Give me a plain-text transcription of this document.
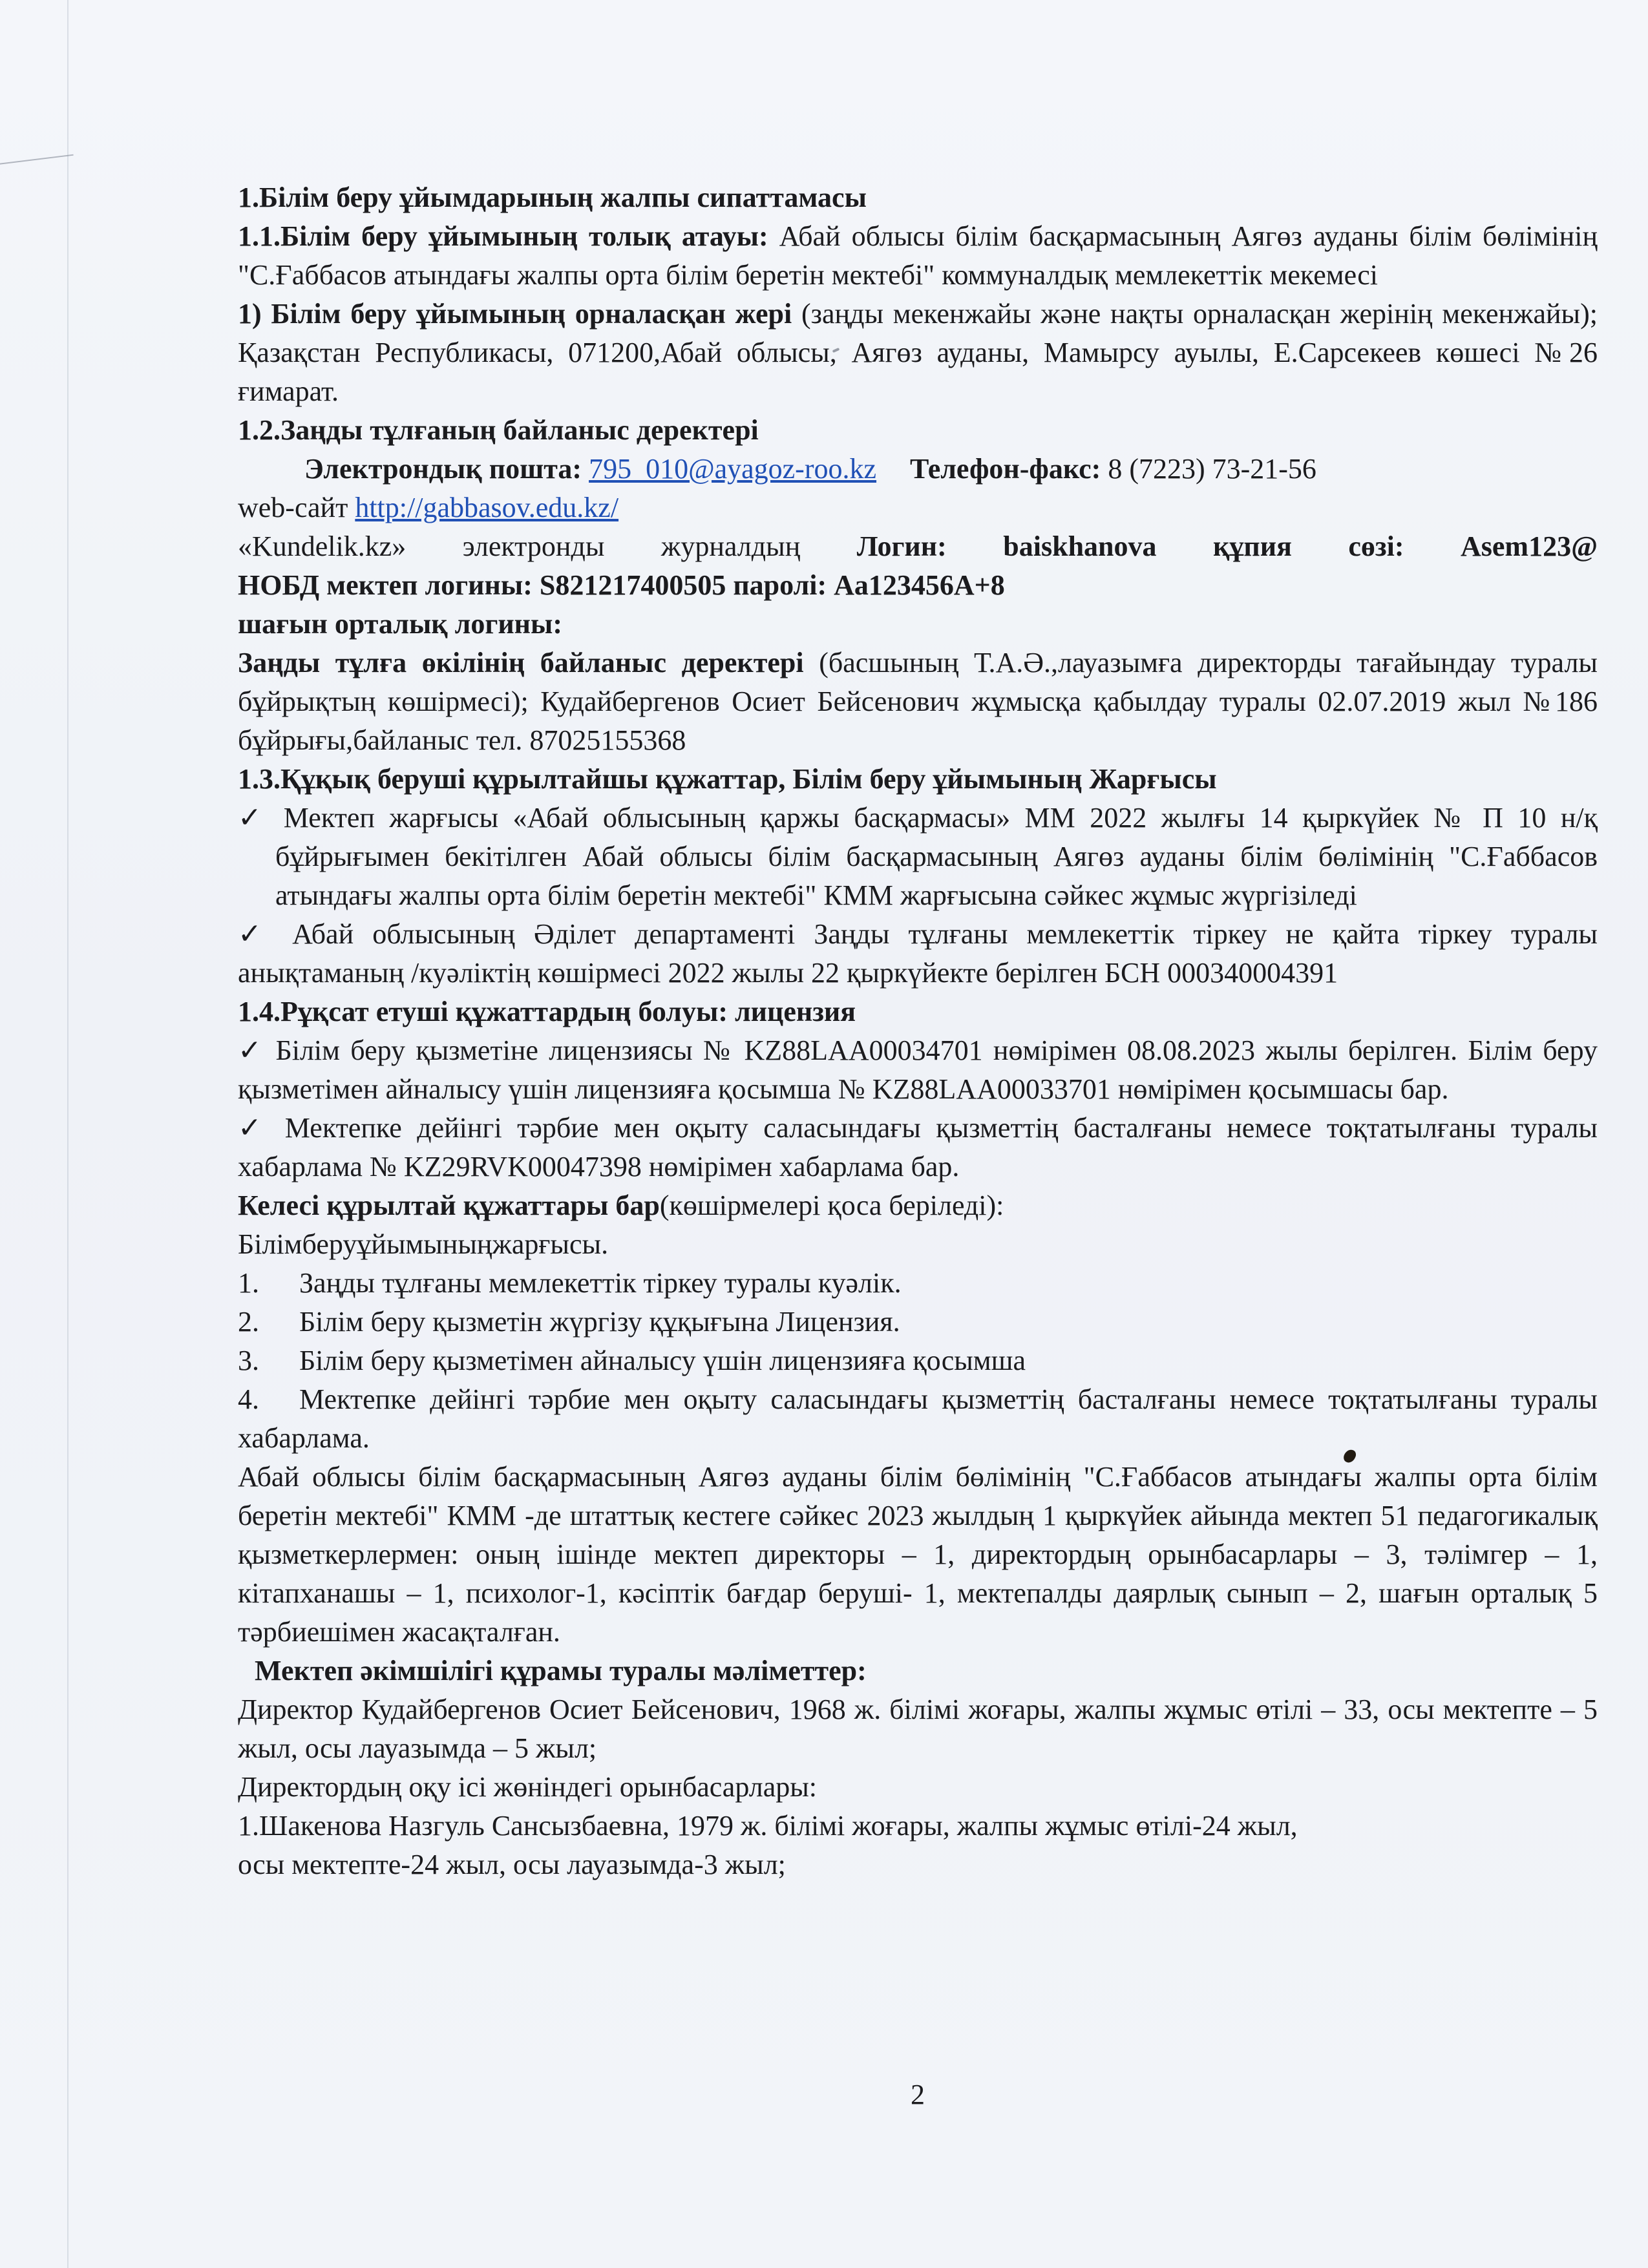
1.Білім беру ұйымдарының жалпы сипаттамасы

1.1.Білім беру ұйымының толық атауы: Абай облысы білім басқармасының Аягөз ауданы білім бөлімінің "С.Ғаббасов атындағы жалпы орта білім беретін мектебі" коммуналдық мемлекеттік мекемесі

1) Білім беру ұйымының орналасқан жері (заңды мекенжайы және нақты орналасқан жерінің мекенжайы); Қазақстан Республикасы, 071200,Абай облысы, Аягөз ауданы, Мамырсу ауылы, Е.Сарсекеев көшесі №26 ғимарат.

1.2.Заңды тұлғаның байланыс деректері

Электрондық пошта: 795_010@ayagoz-roo.kz Телефон-факс: 8 (7223) 73-21-56

web-сайт http://gabbasov.edu.kz/

«Kundelik.kz» электронды журналдың Логин: baiskhanova құпия сөзі: Asem123@

НОБД мектеп логины: S821217400505 паролі: Aa123456A+8

шағын орталық логины:

Заңды тұлға өкілінің байланыс деректері (басшының Т.А.Ә.,лауазымға директорды тағайындау туралы бұйрықтың көшірмесі); Кудайбергенов Осиет Бейсенович жұмысқа қабылдау туралы 02.07.2019 жыл №186 бұйрығы,байланыс тел. 87025155368

1.3.Құқық беруші құрылтайшы құжаттар, Білім беру ұйымының Жарғысы

✓ Мектеп жарғысы «Абай облысының қаржы басқармасы» ММ 2022 жылғы 14 қыркүйек № П 10 н/қ бұйрығымен бекітілген Абай облысы білім басқармасының Аягөз ауданы білім бөлімінің "С.Ғаббасов атындағы жалпы орта білім беретін мектебі" КММ жарғысына сәйкес жұмыс жүргізіледі

✓ Абай облысының Әділет департаменті Заңды тұлғаны мемлекеттік тіркеу не қайта тіркеу туралы анықтаманың /куәліктің көшірмесі 2022 жылы 22 қыркүйекте берілген БСН 000340004391

1.4.Рұқсат етуші құжаттардың болуы: лицензия

✓ Білім беру қызметіне лицензиясы № KZ88LAA00034701 нөмірімен 08.08.2023 жылы берілген. Білім беру қызметімен айналысу үшін лицензияға қосымша № KZ88LAA00033701 нөмірімен қосымшасы бар.

✓ Мектепке дейінгі тәрбие мен оқыту саласындағы қызметтің басталғаны немесе тоқтатылғаны туралы хабарлама № KZ29RVK00047398 нөмірімен хабарлама бар.

Келесі құрылтай құжаттары бар(көшірмелері қоса беріледі):

Білімберуұйымыныңжарғысы.

1. Заңды тұлғаны мемлекеттік тіркеу туралы куәлік.

2. Білім беру қызметін жүргізу құқығына Лицензия.

3. Білім беру қызметімен айналысу үшін лицензияға қосымша

4. Мектепке дейінгі тәрбие мен оқыту саласындағы қызметтің басталғаны немесе тоқтатылғаны туралы хабарлама.

Абай облысы білім басқармасының Аягөз ауданы білім бөлімінің "С.Ғаббасов атындағы жалпы орта білім беретін мектебі" КММ -де штаттық кестеге сәйкес 2023 жылдың 1 қыркүйек айында мектеп 51 педагогикалық қызметкерлермен: оның ішінде мектеп директоры – 1, директордың орынбасарлары – 3, тәлімгер – 1, кітапханашы – 1, психолог-1, кәсіптік бағдар беруші- 1, мектепалды даярлық сынып – 2, шағын орталық 5 тәрбиешімен жасақталған.

Мектеп әкімшілігі құрамы туралы мәліметтер:

Директор Кудайбергенов Осиет Бейсенович, 1968 ж. білімі жоғары, жалпы жұмыс өтілі – 33, осы мектепте – 5 жыл, осы лауазымда – 5 жыл;

Директордың оқу ісі жөніндегі орынбасарлары:

1.Шакенова Назгуль Сансызбаевна, 1979 ж. білімі жоғары, жалпы жұмыс өтілі-24 жыл,

осы мектепте-24 жыл, осы лауазымда-3 жыл;

2
